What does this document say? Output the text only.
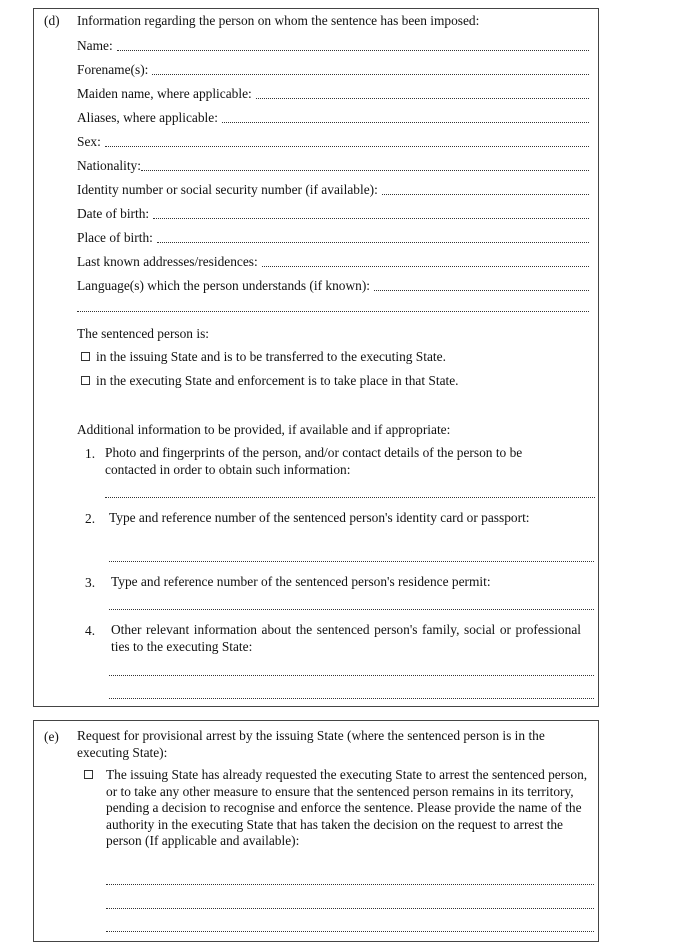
(d) Information regarding the person on whom the sentence has been imposed:
Name:
Forename(s):
Maiden name, where applicable:
Aliases, where applicable:
Sex:
Nationality:
Identity number or social security number (if available):
Date of birth:
Place of birth:
Last known addresses/residences:
Language(s) which the person understands (if known):
The sentenced person is:
in the issuing State and is to be transferred to the executing State.
in the executing State and enforcement is to take place in that State.
Additional information to be provided, if available and if appropriate:
1. Photo and fingerprints of the person, and/or contact details of the person to be contacted in order to obtain such information:
2. Type and reference number of the sentenced person's identity card or passport:
3. Type and reference number of the sentenced person's residence permit:
4. Other relevant information about the sentenced person's family, social or professional ties to the executing State:
(e) Request for provisional arrest by the issuing State (where the sentenced person is in the executing State):
The issuing State has already requested the executing State to arrest the sentenced person, or to take any other measure to ensure that the sentenced person remains in its territory, pending a decision to recognise and enforce the sentence. Please provide the name of the authority in the executing State that has taken the decision on the request to arrest the person (If applicable and available):
